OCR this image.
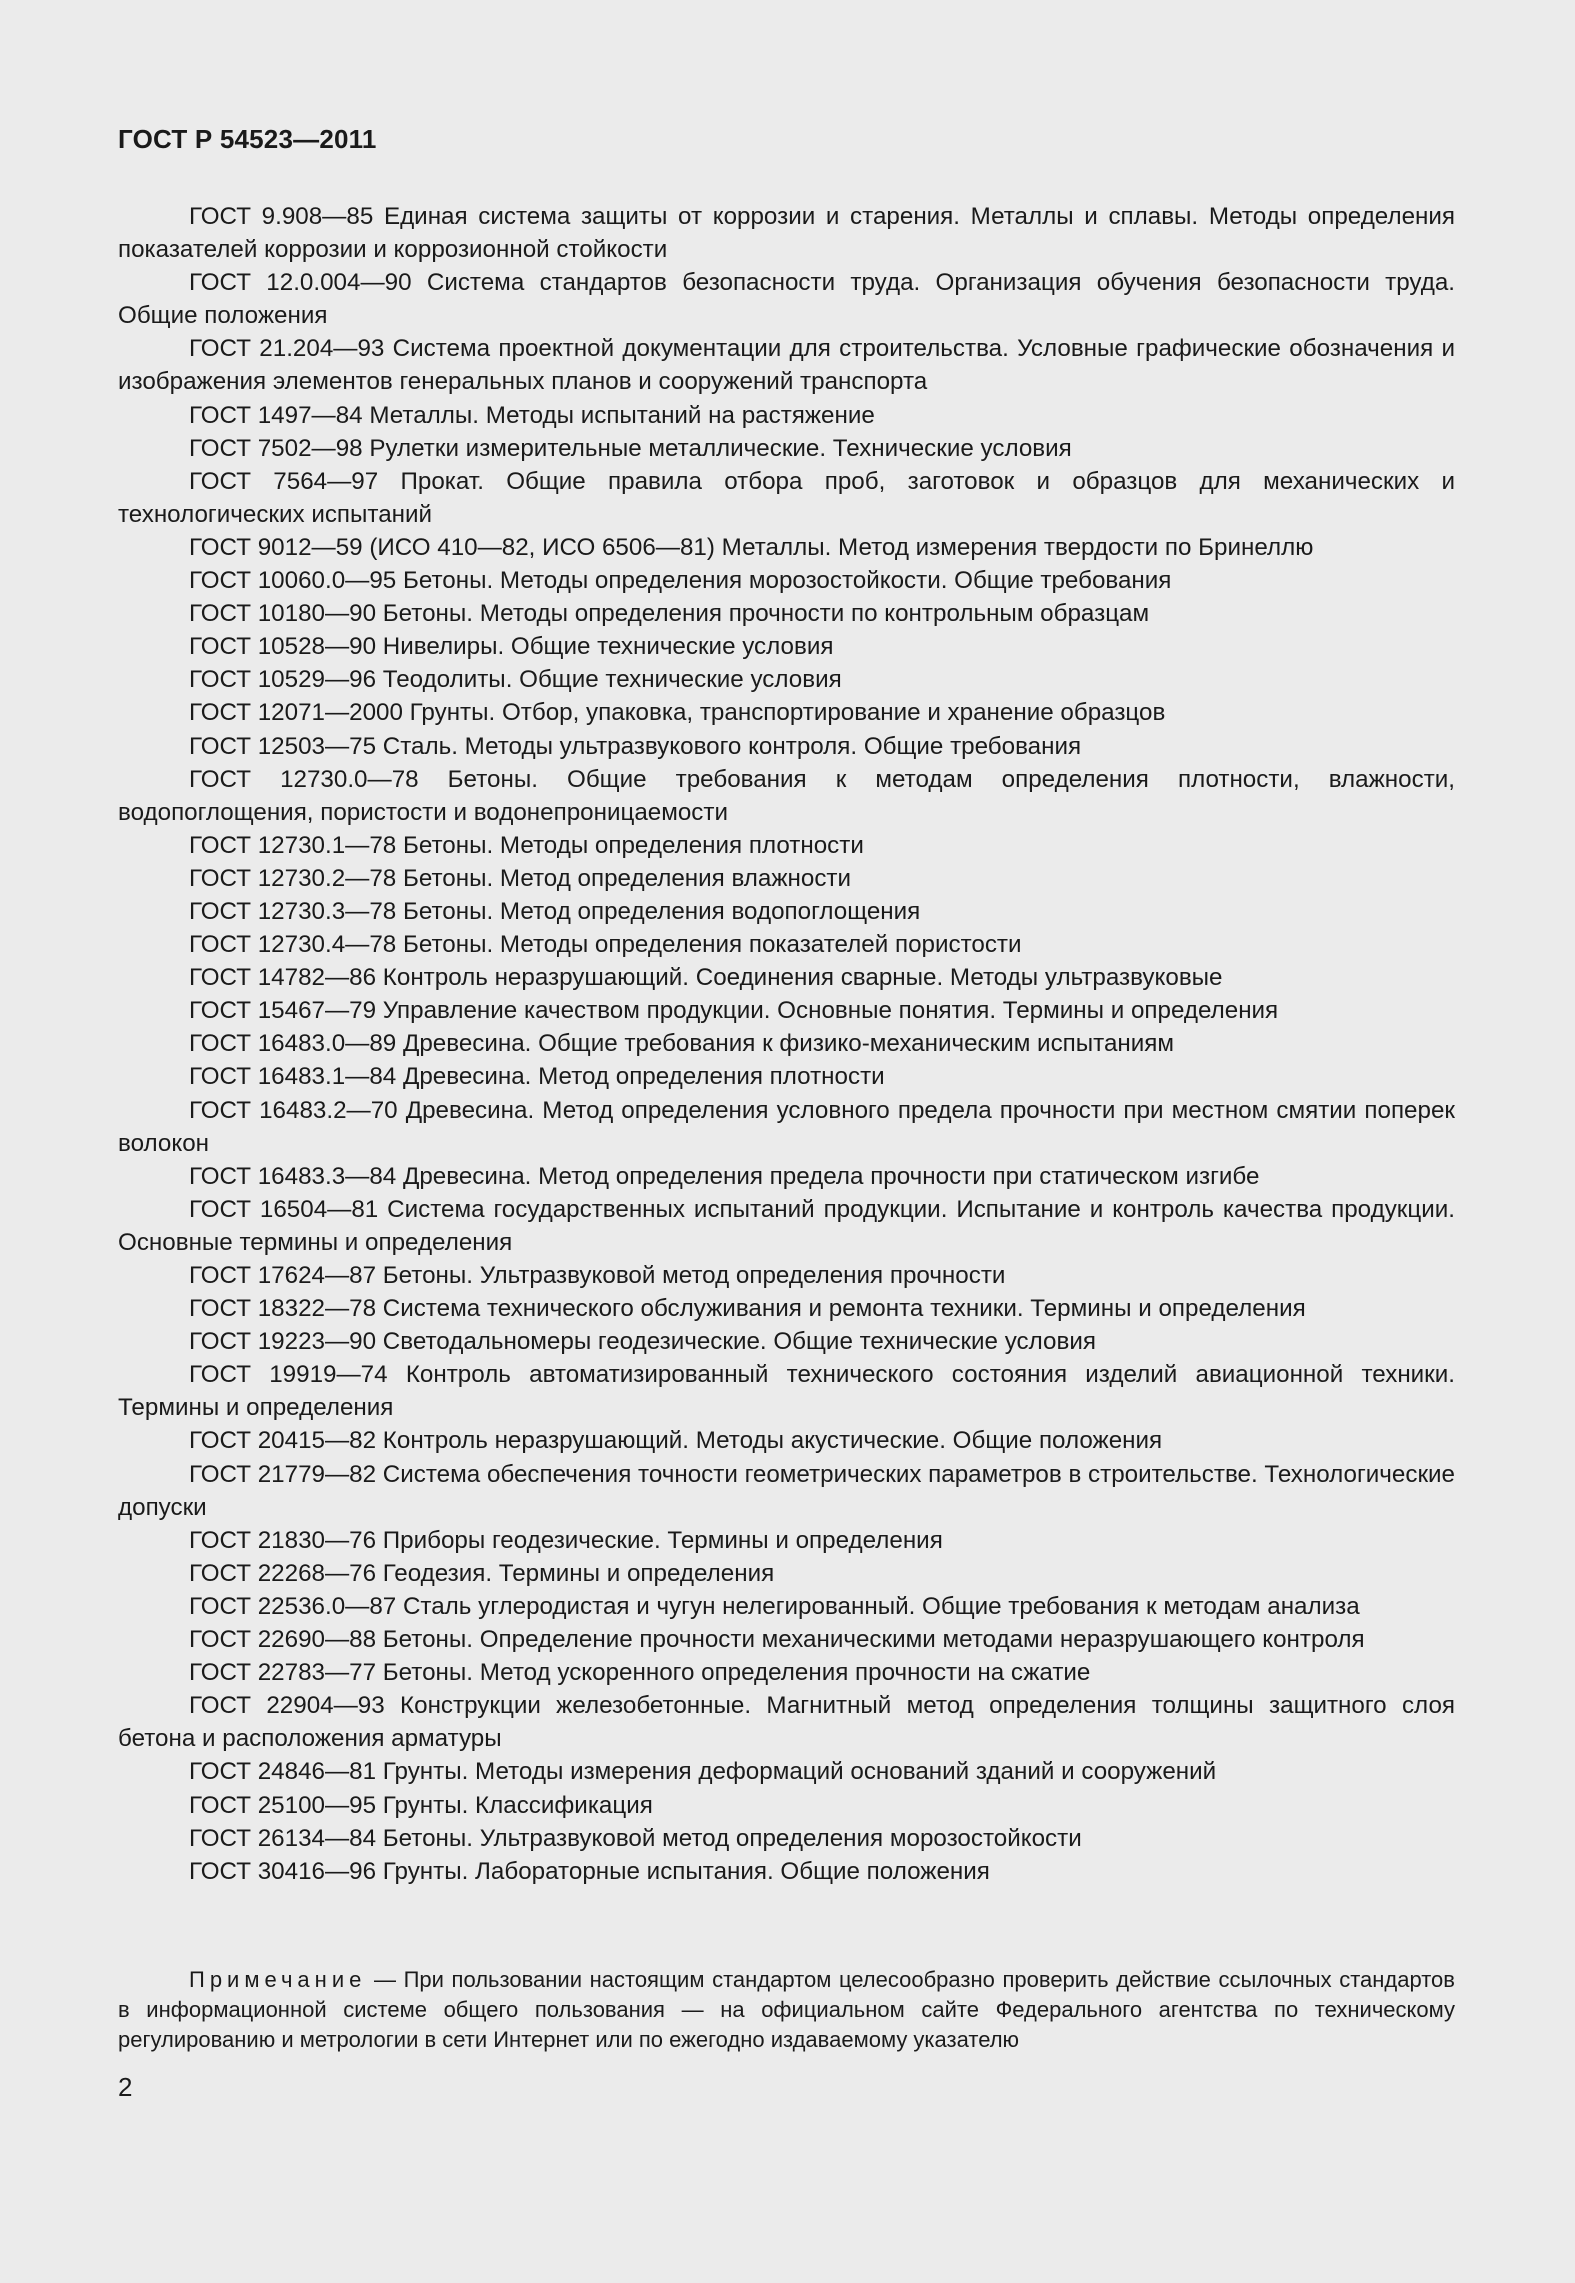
ГОСТ Р 54523—2011

ГОСТ 9.908—85 Единая система защиты от коррозии и старения. Металлы и сплавы. Методы определения показателей коррозии и коррозионной стойкости

ГОСТ 12.0.004—90 Система стандартов безопасности труда. Организация обучения безопасности труда. Общие положения

ГОСТ 21.204—93 Система проектной документации для строительства. Условные графические обозначения и изображения элементов генеральных планов и сооружений транспорта

ГОСТ 1497—84 Металлы. Методы испытаний на растяжение

ГОСТ 7502—98 Рулетки измерительные металлические. Технические условия

ГОСТ 7564—97 Прокат. Общие правила отбора проб, заготовок и образцов для механических и технологических испытаний

ГОСТ 9012—59 (ИСО 410—82, ИСО 6506—81) Металлы. Метод измерения твердости по Бринеллю

ГОСТ 10060.0—95 Бетоны. Методы определения морозостойкости. Общие требования

ГОСТ 10180—90 Бетоны. Методы определения прочности по контрольным образцам

ГОСТ 10528—90 Нивелиры. Общие технические условия

ГОСТ 10529—96 Теодолиты. Общие технические условия

ГОСТ 12071—2000 Грунты. Отбор, упаковка, транспортирование и хранение образцов

ГОСТ 12503—75 Сталь. Методы ультразвукового контроля. Общие требования

ГОСТ 12730.0—78 Бетоны. Общие требования к методам определения плотности, влажности, водопоглощения, пористости и водонепроницаемости

ГОСТ 12730.1—78 Бетоны. Методы определения плотности

ГОСТ 12730.2—78 Бетоны. Метод определения влажности

ГОСТ 12730.3—78 Бетоны. Метод определения водопоглощения

ГОСТ 12730.4—78 Бетоны. Методы определения показателей пористости

ГОСТ 14782—86 Контроль неразрушающий. Соединения сварные. Методы ультразвуковые

ГОСТ 15467—79 Управление качеством продукции. Основные понятия. Термины и определения

ГОСТ 16483.0—89 Древесина. Общие требования к физико-механическим испытаниям

ГОСТ 16483.1—84 Древесина. Метод определения плотности

ГОСТ 16483.2—70 Древесина. Метод определения условного предела прочности при местном смятии поперек волокон

ГОСТ 16483.3—84 Древесина. Метод определения предела прочности при статическом изгибе

ГОСТ 16504—81 Система государственных испытаний продукции. Испытание и контроль качества продукции. Основные термины и определения

ГОСТ 17624—87 Бетоны. Ультразвуковой метод определения прочности

ГОСТ 18322—78 Система технического обслуживания и ремонта техники. Термины и определения

ГОСТ 19223—90 Светодальномеры геодезические. Общие технические условия

ГОСТ 19919—74 Контроль автоматизированный технического состояния изделий авиационной техники. Термины и определения

ГОСТ 20415—82 Контроль неразрушающий. Методы акустические. Общие положения

ГОСТ 21779—82 Система обеспечения точности геометрических параметров в строительстве. Технологические допуски

ГОСТ 21830—76 Приборы геодезические. Термины и определения

ГОСТ 22268—76 Геодезия. Термины и определения

ГОСТ 22536.0—87 Сталь углеродистая и чугун нелегированный. Общие требования к методам анализа

ГОСТ 22690—88 Бетоны. Определение прочности механическими методами неразрушающего контроля

ГОСТ 22783—77 Бетоны. Метод ускоренного определения прочности на сжатие

ГОСТ 22904—93 Конструкции железобетонные. Магнитный метод определения толщины защитного слоя бетона и расположения арматуры

ГОСТ 24846—81 Грунты. Методы измерения деформаций оснований зданий и сооружений

ГОСТ 25100—95 Грунты. Классификация

ГОСТ 26134—84 Бетоны. Ультразвуковой метод определения морозостойкости

ГОСТ 30416—96 Грунты. Лабораторные испытания. Общие положения

Примечание — При пользовании настоящим стандартом целесообразно проверить действие ссылочных стандартов в информационной системе общего пользования — на официальном сайте Федерального агентства по техническому регулированию и метрологии в сети Интернет или по ежегодно издаваемому указателю

2
